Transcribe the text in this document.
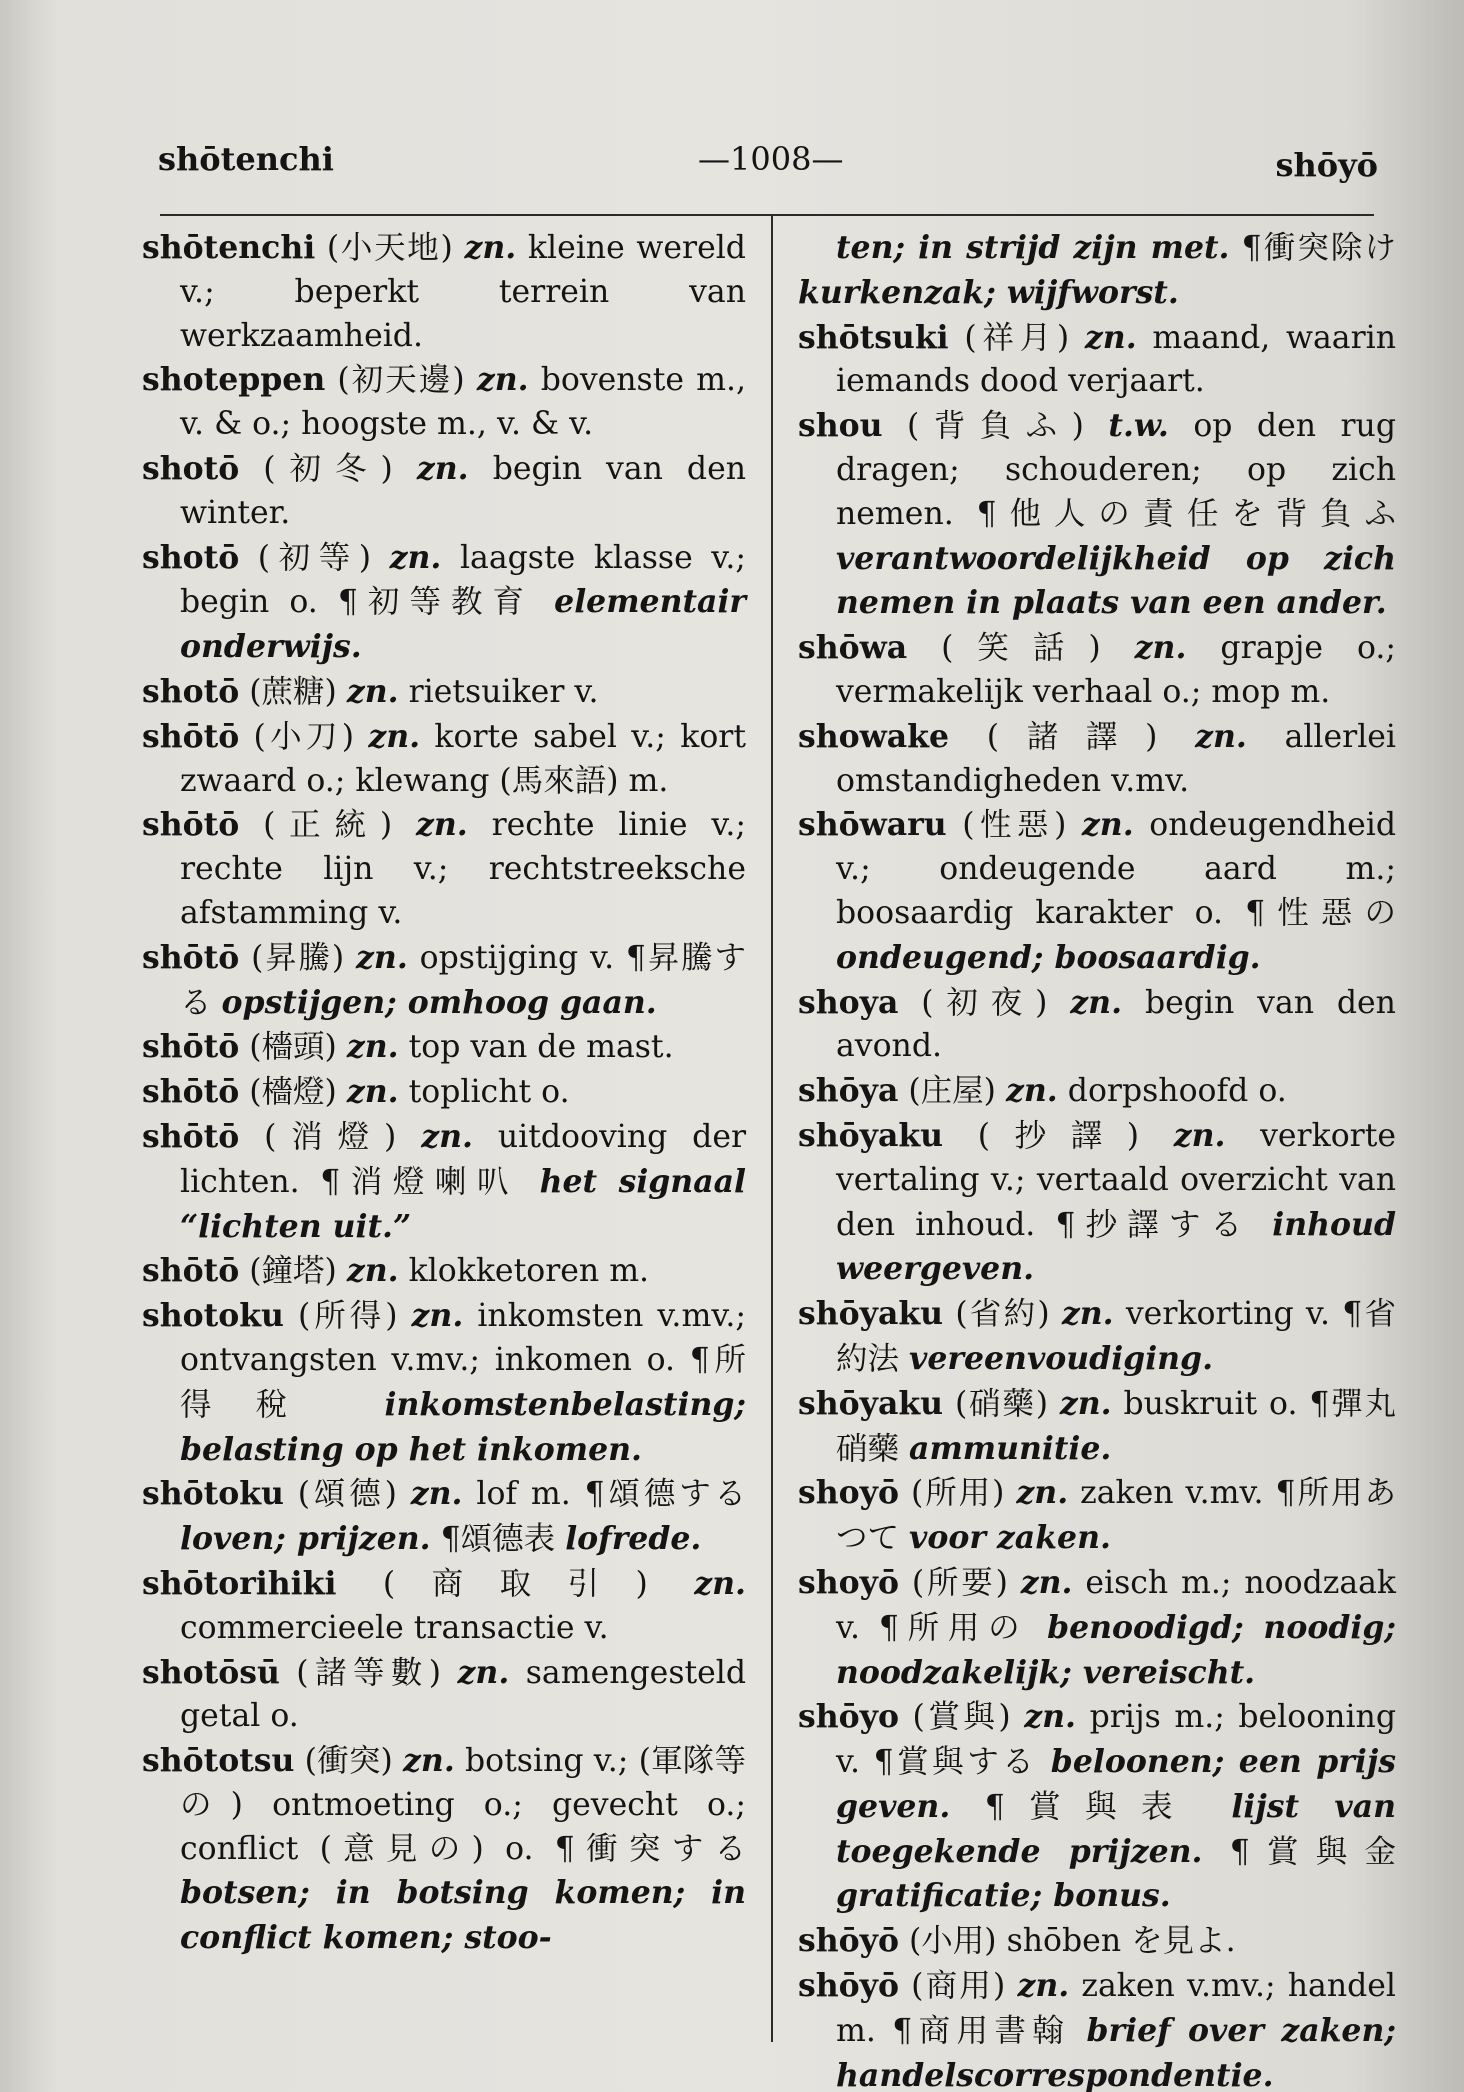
shōtenchi	—1008—	shōyō

shōtenchi (小天地) zn. kleine wereld v.; beperkt terrein van werkzaamheid.

shoteppen (初天邊) zn. bovenste m., v. & o.; hoogste m., v. & v.

shotō (初冬) zn. begin van den winter.

shotō (初等) zn. laagste klasse v.; begin o. ¶初等教育 elementair onderwijs.

shotō (蔗糖) zn. rietsuiker v.

shōtō (小刀) zn. korte sabel v.; kort zwaard o.; klewang (馬來語) m.

shōtō (正統) zn. rechte linie v.; rechte lijn v.; rechtstreeksche afstamming v.

shōtō (昇騰) zn. opstijging v. ¶昇騰する opstijgen; omhoog gaan.

shōtō (檣頭) zn. top van de mast.

shōtō (檣燈) zn. toplicht o.

shōtō (消燈) zn. uitdooving der lichten. ¶消燈喇叭 het signaal “lichten uit.”

shōtō (鐘塔) zn. klokketoren m.

shotoku (所得) zn. inkomsten v.mv.; ontvangsten v.mv.; inkomen o. ¶所得稅 inkomstenbelasting; belasting op het inkomen.

shōtoku (頌德) zn. lof m. ¶頌德する loven; prijzen. ¶頌德表 lofrede.

shōtorihiki (商取引) zn. commercieele transactie v.

shotōsū (諸等數) zn. samengesteld getal o.

shōtotsu (衝突) zn. botsing v.; (軍隊等の) ontmoeting o.; gevecht o.; conflict (意見の) o. ¶衝突する botsen; in botsing komen; in conflict komen; stoo-

ten; in strijd zijn met. ¶衝突除け kurkenzak; wijfworst.

shōtsuki (祥月) zn. maand, waarin iemands dood verjaart.

shou (背負ふ) t.w. op den rug dragen; schouderen; op zich nemen. ¶他人の責任を背負ふ verantwoordelijkheid op zich nemen in plaats van een ander.

shōwa (笑話) zn. grapje o.; vermakelijk verhaal o.; mop m.

showake (諸譯) zn. allerlei omstandigheden v.mv.

shōwaru (性惡) zn. ondeugendheid v.; ondeugende aard m.; boosaardig karakter o. ¶性惡の ondeugend; boosaardig.

shoya (初夜) zn. begin van den avond.

shōya (庄屋) zn. dorpshoofd o.

shōyaku (抄譯) zn. verkorte vertaling v.; vertaald overzicht van den inhoud. ¶抄譯する inhoud weergeven.

shōyaku (省約) zn. verkorting v. ¶省約法 vereenvoudiging.

shōyaku (硝藥) zn. buskruit o. ¶彈丸硝藥 ammunitie.

shoyō (所用) zn. zaken v.mv. ¶所用あつて voor zaken.

shoyō (所要) zn. eisch m.; noodzaak v. ¶所用の benoodigd; noodig; noodzakelijk; vereischt.

shōyo (賞與) zn. prijs m.; belooning v. ¶賞與する beloonen; een prijs geven. ¶賞與表 lijst van toegekende prijzen. ¶賞與金 gratificatie; bonus.

shōyō (小用) shōben を見よ.

shōyō (商用) zn. zaken v.mv.; handel m. ¶商用書翰 brief over zaken; handelscorrespondentie.
